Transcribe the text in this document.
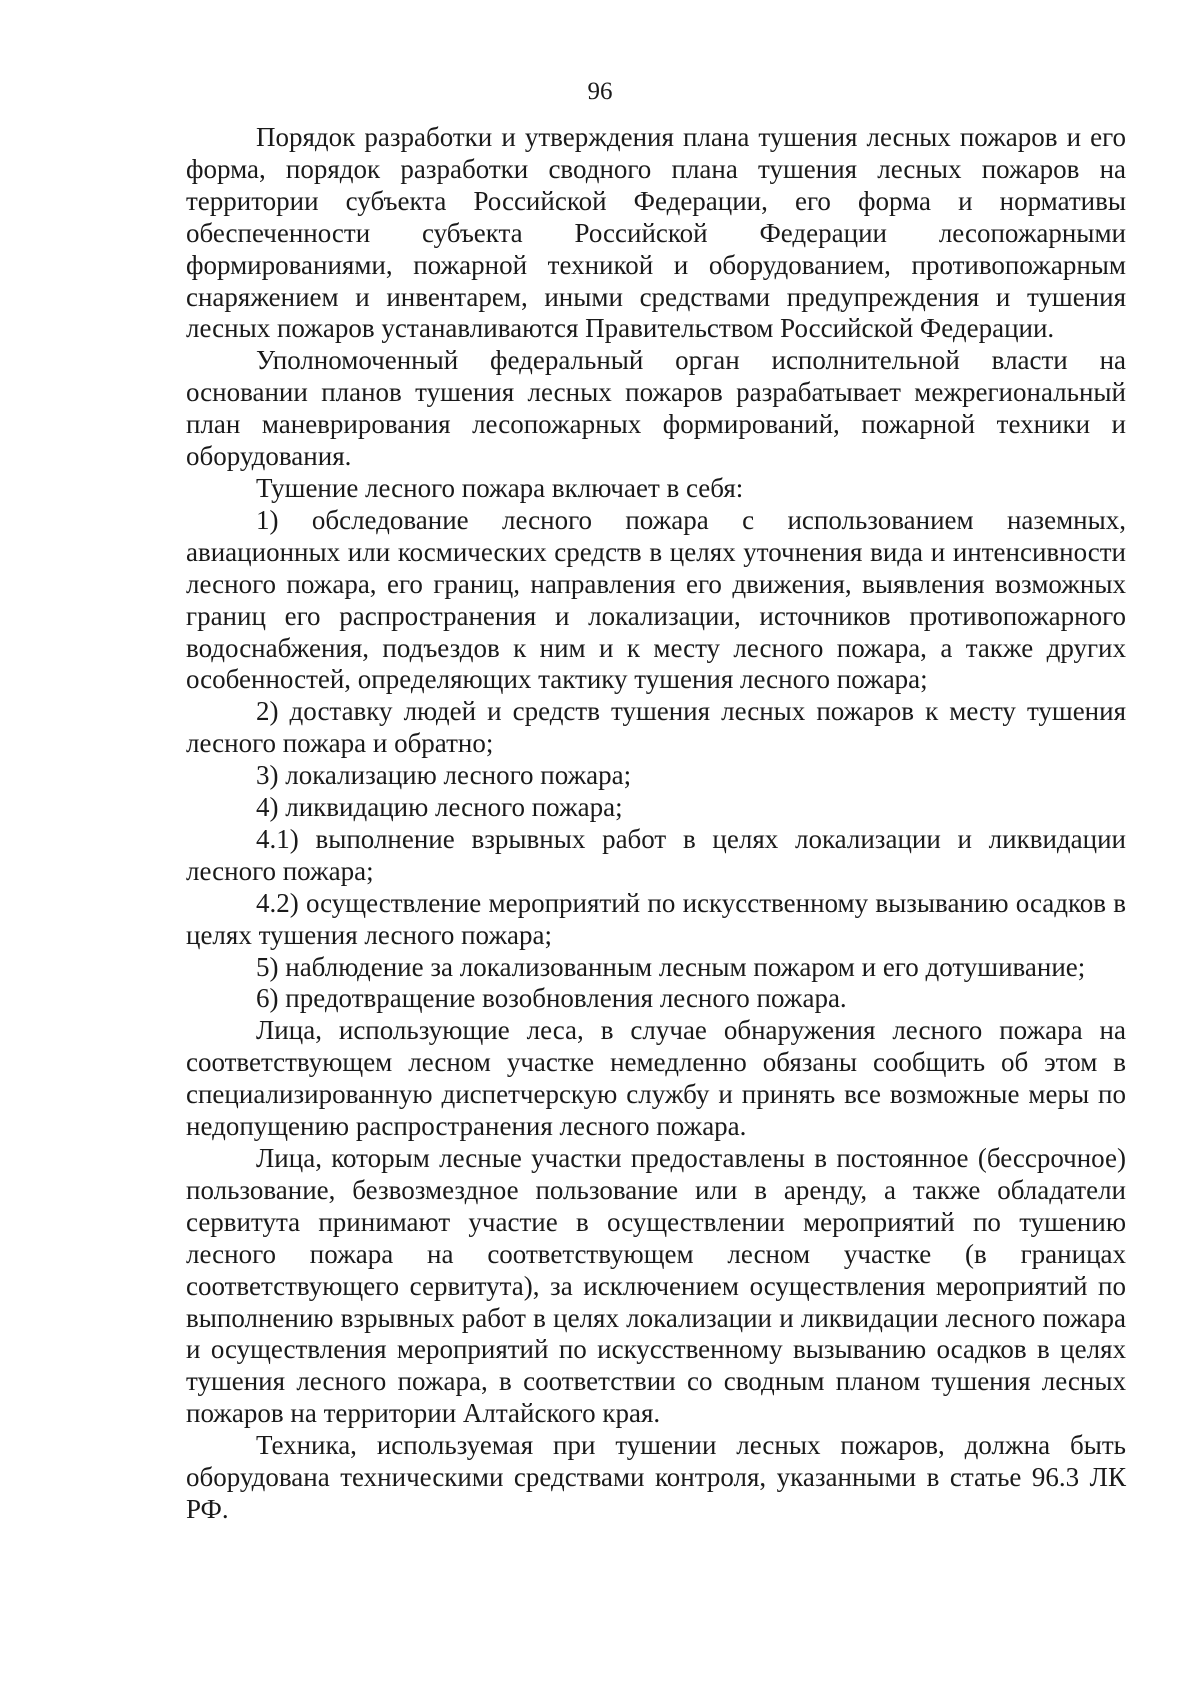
96

Порядок разработки и утверждения плана тушения лесных пожаров и его форма, порядок разработки сводного плана тушения лесных пожаров на территории субъекта Российской Федерации, его форма и нормативы обеспеченности субъекта Российской Федерации лесопожарными формированиями, пожарной техникой и оборудованием, противопожарным снаряжением и инвентарем, иными средствами предупреждения и тушения лесных пожаров устанавливаются Правительством Российской Федерации.

Уполномоченный федеральный орган исполнительной власти на основании планов тушения лесных пожаров разрабатывает межрегиональный план маневрирования лесопожарных формирований, пожарной техники и оборудования.

Тушение лесного пожара включает в себя:

1) обследование лесного пожара с использованием наземных, авиационных или космических средств в целях уточнения вида и интенсивности лесного пожара, его границ, направления его движения, выявления возможных границ его распространения и локализации, источников противопожарного водоснабжения, подъездов к ним и к месту лесного пожара, а также других особенностей, определяющих тактику тушения лесного пожара;

2) доставку людей и средств тушения лесных пожаров к месту тушения лесного пожара и обратно;

3) локализацию лесного пожара;

4) ликвидацию лесного пожара;

4.1) выполнение взрывных работ в целях локализации и ликвидации лесного пожара;

4.2) осуществление мероприятий по искусственному вызыванию осадков в целях тушения лесного пожара;

5) наблюдение за локализованным лесным пожаром и его дотушивание;

6) предотвращение возобновления лесного пожара.

Лица, использующие леса, в случае обнаружения лесного пожара на соответствующем лесном участке немедленно обязаны сообщить об этом в специализированную диспетчерскую службу и принять все возможные меры по недопущению распространения лесного пожара.

Лица, которым лесные участки предоставлены в постоянное (бессрочное) пользование, безвозмездное пользование или в аренду, а также обладатели сервитута принимают участие в осуществлении мероприятий по тушению лесного пожара на соответствующем лесном участке (в границах соответствующего сервитута), за исключением осуществления мероприятий по выполнению взрывных работ в целях локализации и ликвидации лесного пожара и осуществления мероприятий по искусственному вызыванию осадков в целях тушения лесного пожара, в соответствии со сводным планом тушения лесных пожаров на территории Алтайского края.

Техника, используемая при тушении лесных пожаров, должна быть оборудована техническими средствами контроля, указанными в статье 96.3 ЛК РФ.
